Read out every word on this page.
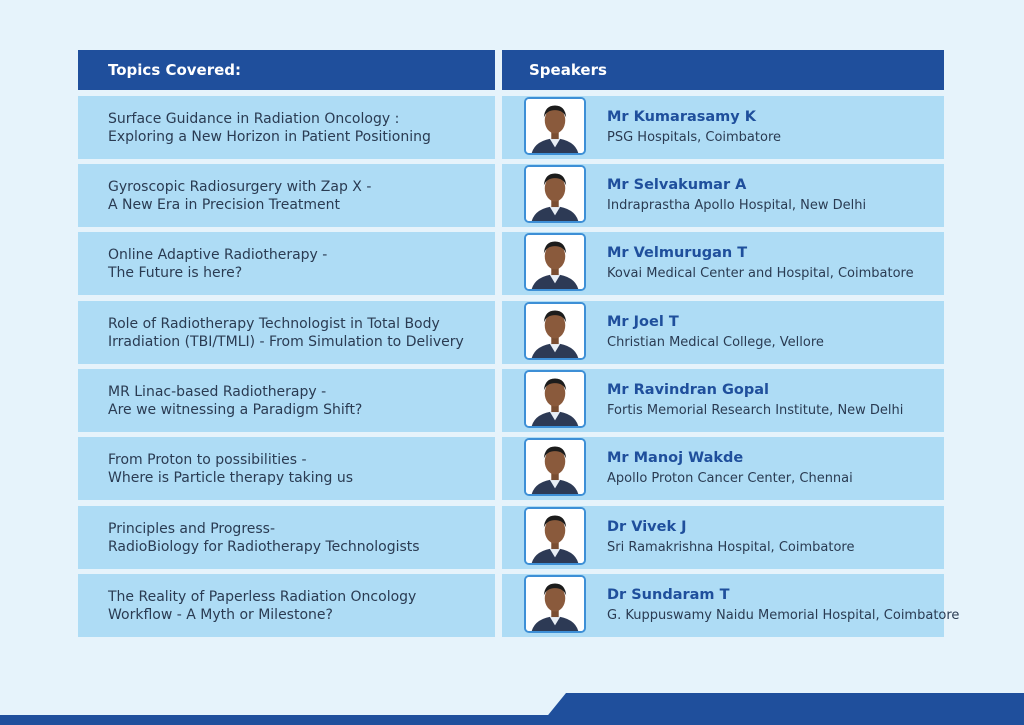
Topics Covered:	Speakers
Surface Guidance in Radiation Oncology :
Exploring a New Horizon in Patient Positioning
Mr Kumarasamy K
PSG Hospitals, Coimbatore
Gyroscopic Radiosurgery with Zap X -
A New Era in Precision Treatment
Mr Selvakumar A
Indraprastha Apollo Hospital, New Delhi
Online Adaptive Radiotherapy -
The Future is here?
Mr Velmurugan T
Kovai Medical Center and Hospital, Coimbatore
Role of Radiotherapy Technologist in Total Body
Irradiation (TBI/TMLI) - From Simulation to Delivery
Mr Joel T
Christian Medical College, Vellore
MR Linac-based Radiotherapy -
Are we witnessing a Paradigm Shift?
Mr Ravindran Gopal
Fortis Memorial Research Institute, New Delhi
From Proton to possibilities -
Where is Particle therapy taking us
Mr Manoj Wakde
Apollo Proton Cancer Center, Chennai
Principles and Progress-
RadioBiology for Radiotherapy Technologists
Dr Vivek J
Sri Ramakrishna Hospital, Coimbatore
The Reality of Paperless Radiation Oncology
Workflow - A Myth or Milestone?
Dr Sundaram T
G. Kuppuswamy Naidu Memorial Hospital, Coimbatore
